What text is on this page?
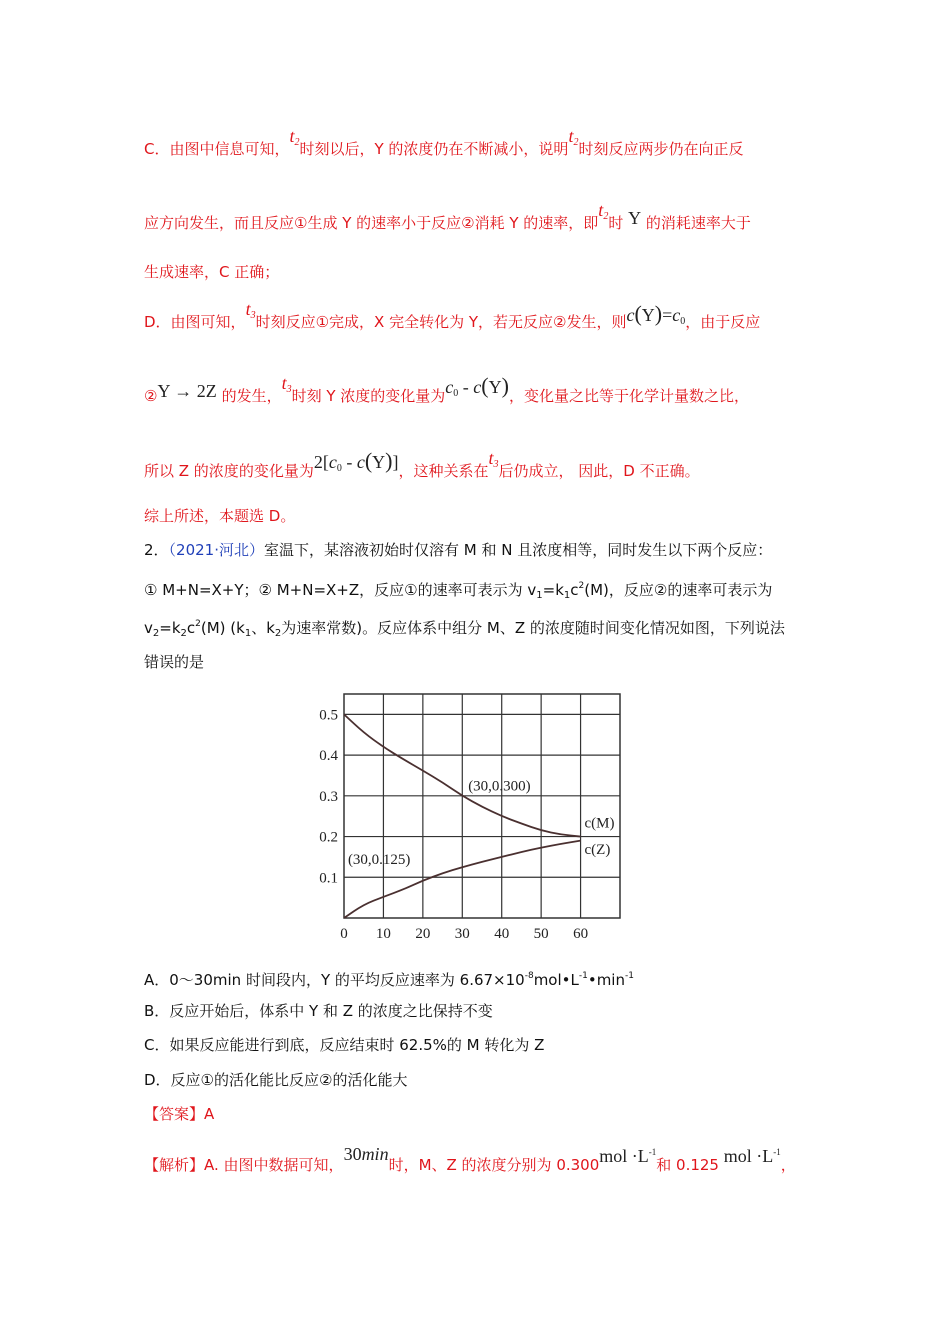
C．由图中信息可知，$t_2$时刻以后，Y 的浓度仍在不断减小，说明$t_2$时刻反应两步仍在向正反
应方向发生，而且反应①生成 Y 的速率小于反应②消耗 Y 的速率，即$t_2$时 Y 的消耗速率大于
生成速率，C 正确；
D．由图可知，$t_3$时刻反应①完成，X 完全转化为 Y，若无反应②发生，则$c(Y)=c_0$，由于反应
②Y → 2Z 的发生，$t_3$时刻 Y 浓度的变化量为$c_0 - c(Y)$，变化量之比等于化学计量数之比，
所以 Z 的浓度的变化量为$2[c_0 - c(Y)]$，这种关系在$t_3$后仍成立， 因此，D 不正确。
综上所述，本题选 D。
2．（2021·河北）室温下，某溶液初始时仅溶有 M 和 N 且浓度相等，同时发生以下两个反应：
① M+N=X+Y；② M+N=X+Z，反应①的速率可表示为 $v_1=k_1c^2(M)$，反应②的速率可表示为
$v_2=k_2c^2(M)$ ($k_1$、$k_2$为速率常数)。反应体系中组分 M、Z 的浓度随时间变化情况如图，下列说法
错误的是
0 10 20 30 40 50 60
0.1
0.2
0.3
0.4
0.5
(30,0.300)
(30,0.125)
c(M)
c(Z)
A．0～30min 时间段内，Y 的平均反应速率为 $6.67\times 10^{-8}mol•L^{-1}•\min^{-1}$
B．反应开始后，体系中 Y 和 Z 的浓度之比保持不变
C．如果反应能进行到底，反应结束时 62.5%的 M 转化为 Z
D．反应①的活化能比反应②的活化能大
【答案】A
【解析】A. 由图中数据可知，30min时，M、Z 的浓度分别为 $0.300mol \cdot L^{-1}$和 0.125 mol $\cdot L^{-1}$，
